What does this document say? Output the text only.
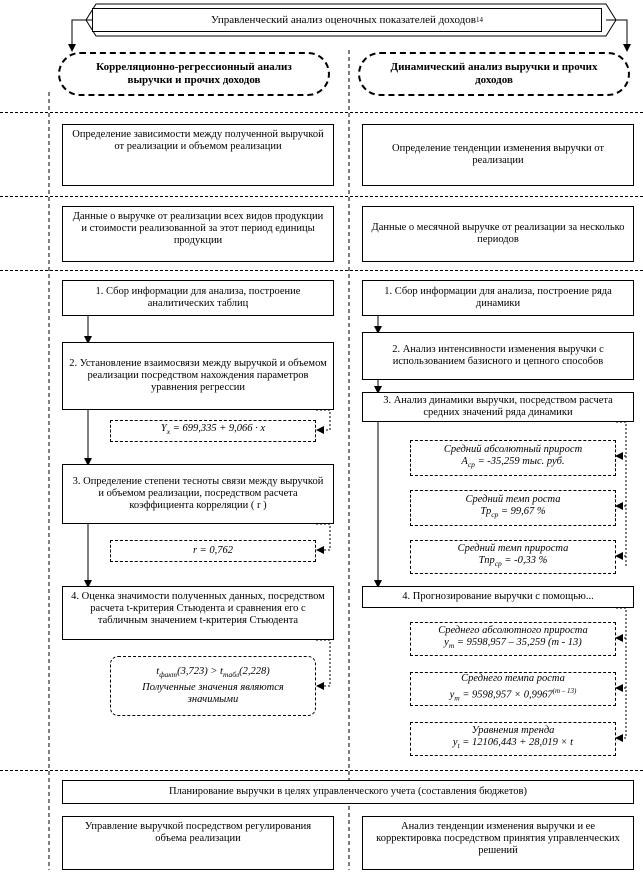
Управленческий анализ оценочных показателей доходов 14
Корреляционно-регрессионный анализ выручки и прочих доходов
Динамический анализ выручки и прочих доходов
Определение зависимости между полученной выручкой от реализации и объемом реализации	Определение тенденции изменения выручки от реализации
Данные о выручке от реализации всех видов продукции и стоимости реализованной за этот период единицы продукции
Данные о месячной выручке от реализации за несколько периодов
1. Сбор информации для анализа, построение аналитических таблиц
2. Установление взаимосвязи между выручкой и объемом реализации посредством нахождения параметров уравнения регрессии
3. Определение степени тесноты связи между выручкой и объемом реализации, посредством расчета коэффициента корреляции ( r )
4. Оценка значимости полученных данных, посредством расчета t-критерия Стьюдента и сравнения его с табличным значением t-критерия Стьюдента
$Y_x = 699,335 + 9,066 \cdot x$
r = 0,762
$t_{факт}(3,723) > t_{табл}(2,228)$
Полученные значения являются
значимыми
1. Сбор информации для анализа, построение ряда динамики
2. Анализ интенсивности изменения выручки с использованием базисного и цепного способов
3. Анализ динамики выручки, посредством расчета средних значений ряда динамики
4. Прогнозирование выручки с помощью...
Средний абсолютный прирост
$A_{ср} = -35,259$ тыс. руб.
Средний темп роста
$Тр_{ср} = 99,67$ %
Средний темп прироста
Тпр$_{ср}$ = -0,33 %
Среднего абсолютного прироста
$y_m = 9598,957 - 35,259$ (m - 13)
Среднего темпа роста
$y_m = 9598,957 \times 0,9967^{(m - 13)}$
Уравнения тренда
$y_t = 12106,443 + 28,019 \times t$
Планирование выручки в целях управленческого учета (составления бюджетов)
Управление выручкой посредством регулирования объема реализации
Анализ тенденции изменения выручки и ее корректировка посредством принятия управленческих решений
